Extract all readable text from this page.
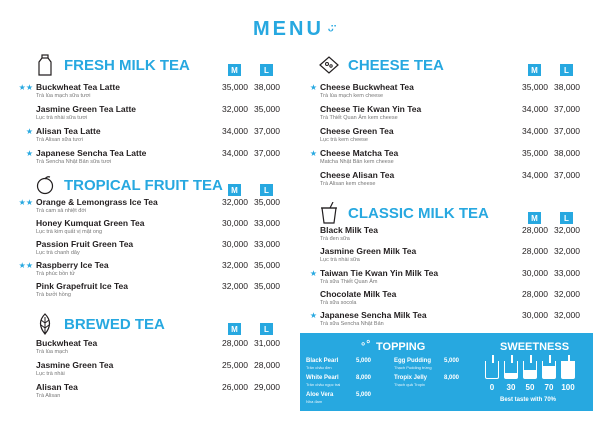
MENU ᵕ̈
FRESH MILK TEA	M	L
★★ Buckwheat Tea Latte
Trà lúa mạch sữa tươi
35,000 38,000
Jasmine Green Tea Latte
Lục trà nhài sữa tươi
32,000 35,000
★ Alisan Tea Latte
Trà Alisan sữa tươi
34,000 37,000
★ Japanese Sencha Tea Latte
Trà Sencha Nhật Bản sữa tươi
34,000 37,000
TROPICAL FRUIT TEA	M	L
★★ Orange & Lemongrass Ice Tea
Trà cam sả nhiệt đới
32,000 35,000
Honey Kumquat Green Tea
Lục trà kim quất vị mật ong
30,000 33,000
Passion Fruit Green Tea
Lục trà chanh dây
30,000 33,000
★★ Raspberry Ice Tea
Trà phúc bồn tử
32,000 35,000
Pink Grapefruit Ice Tea
Trà bưởi hồng
32,000 35,000
BREWED TEA	M	L
Buckwheat Tea
Trà lúa mạch
28,000 31,000
Jasmine Green Tea
Lục trà nhài
25,000 28,000
Alisan Tea
Trà Alisan
26,000 29,000
CHEESE TEA	M	L
★ Cheese Buckwheat Tea
Trà lúa mạch kem cheese
35,000 38,000
Cheese Tie Kwan Yin Tea
Trà Thiết Quan Âm kem cheese
34,000 37,000
Cheese Green Tea
Lục trà kem cheese
34,000 37,000
★ Cheese Matcha Tea
Matcha Nhật Bản kem cheese
35,000 38,000
Cheese Alisan Tea
Trà Alisan kem cheese
34,000 37,000
CLASSIC MILK TEA	M	L
Black Milk Tea
Trà đen sữa
28,000 32,000
Jasmine Green Milk Tea
Lục trà nhài sữa
28,000 32,000
★ Taiwan Tie Kwan Yin Milk Tea
Trà sữa Thiết Quan Âm
30,000 33,000
Chocolate Milk Tea
Trà sữa socola
28,000 32,000
★ Japanese Sencha Milk Tea
Trà sữa Sencha Nhật Bản
30,000 32,000
∘° TOPPING
Black Pearl
Trân châu đen
5,000
White Pearl
Trân châu ngọc trai
8,000
Aloe Vera
Nha đam
5,000
Egg Pudding
Thạch Pudding trứng
5,000
Tropix Jelly
Thạch quả Tropix
8,000
SWEETNESS
0	30	50	70 100
Best taste with 70%
